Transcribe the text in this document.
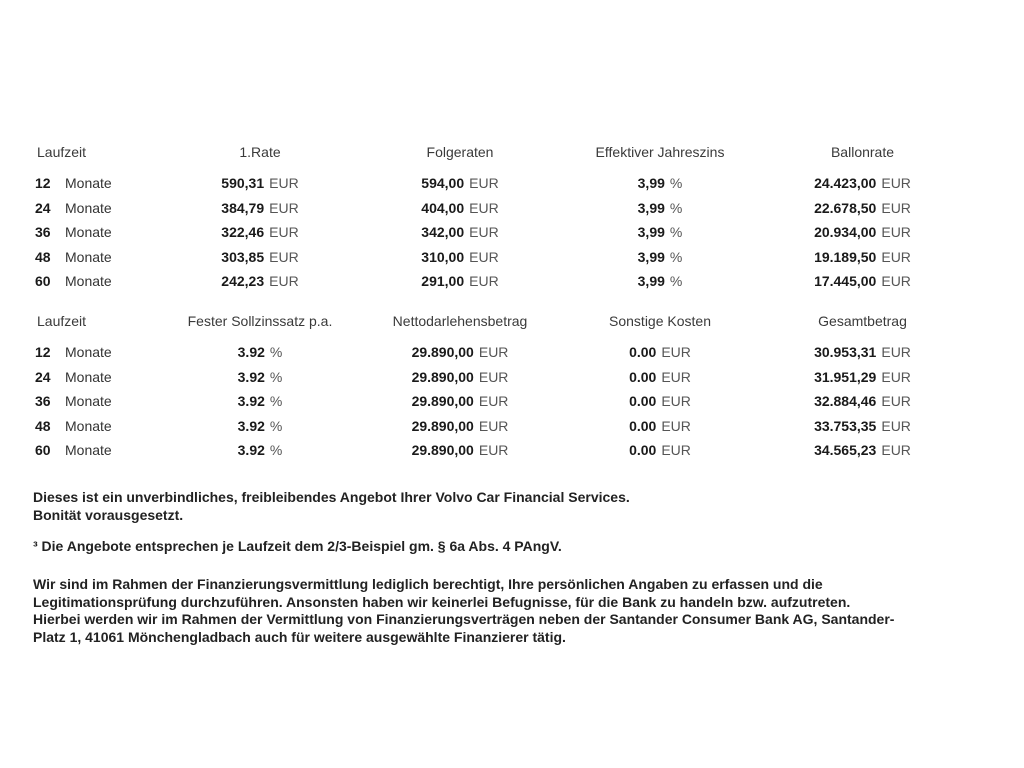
Laufzeit	1.Rate	Folgeraten	Effektiver Jahreszins	Ballonrate
12	Monate	590,31 EUR	594,00 EUR	3,99 %	24.423,00 EUR
24	Monate	384,79 EUR	404,00 EUR	3,99 %	22.678,50 EUR
36	Monate	322,46 EUR	342,00 EUR	3,99 %	20.934,00 EUR
48	Monate	303,85 EUR	310,00 EUR	3,99 %	19.189,50 EUR
60	Monate	242,23 EUR	291,00 EUR	3,99 %	17.445,00 EUR
Laufzeit	Fester Sollzinssatz p.a.	Nettodarlehensbetrag	Sonstige Kosten	Gesamtbetrag
12	Monate	3.92 %	29.890,00 EUR	0.00 EUR	30.953,31 EUR
24	Monate	3.92 %	29.890,00 EUR	0.00 EUR	31.951,29 EUR
36	Monate	3.92 %	29.890,00 EUR	0.00 EUR	32.884,46 EUR
48	Monate	3.92 %	29.890,00 EUR	0.00 EUR	33.753,35 EUR
60	Monate	3.92 %	29.890,00 EUR	0.00 EUR	34.565,23 EUR
Dieses ist ein unverbindliches, freibleibendes Angebot Ihrer Volvo Car Financial Services.
Bonität vorausgesetzt.
³ Die Angebote entsprechen je Laufzeit dem 2/3-Beispiel gm. § 6a Abs. 4 PAngV.
Wir sind im Rahmen der Finanzierungsvermittlung lediglich berechtigt, Ihre persönlichen Angaben zu erfassen und die
Legitimationsprüfung durchzuführen. Ansonsten haben wir keinerlei Befugnisse, für die Bank zu handeln bzw. aufzutreten.
Hierbei werden wir im Rahmen der Vermittlung von Finanzierungsverträgen neben der Santander Consumer Bank AG, Santander-
Platz 1, 41061 Mönchengladbach auch für weitere ausgewählte Finanzierer tätig.
